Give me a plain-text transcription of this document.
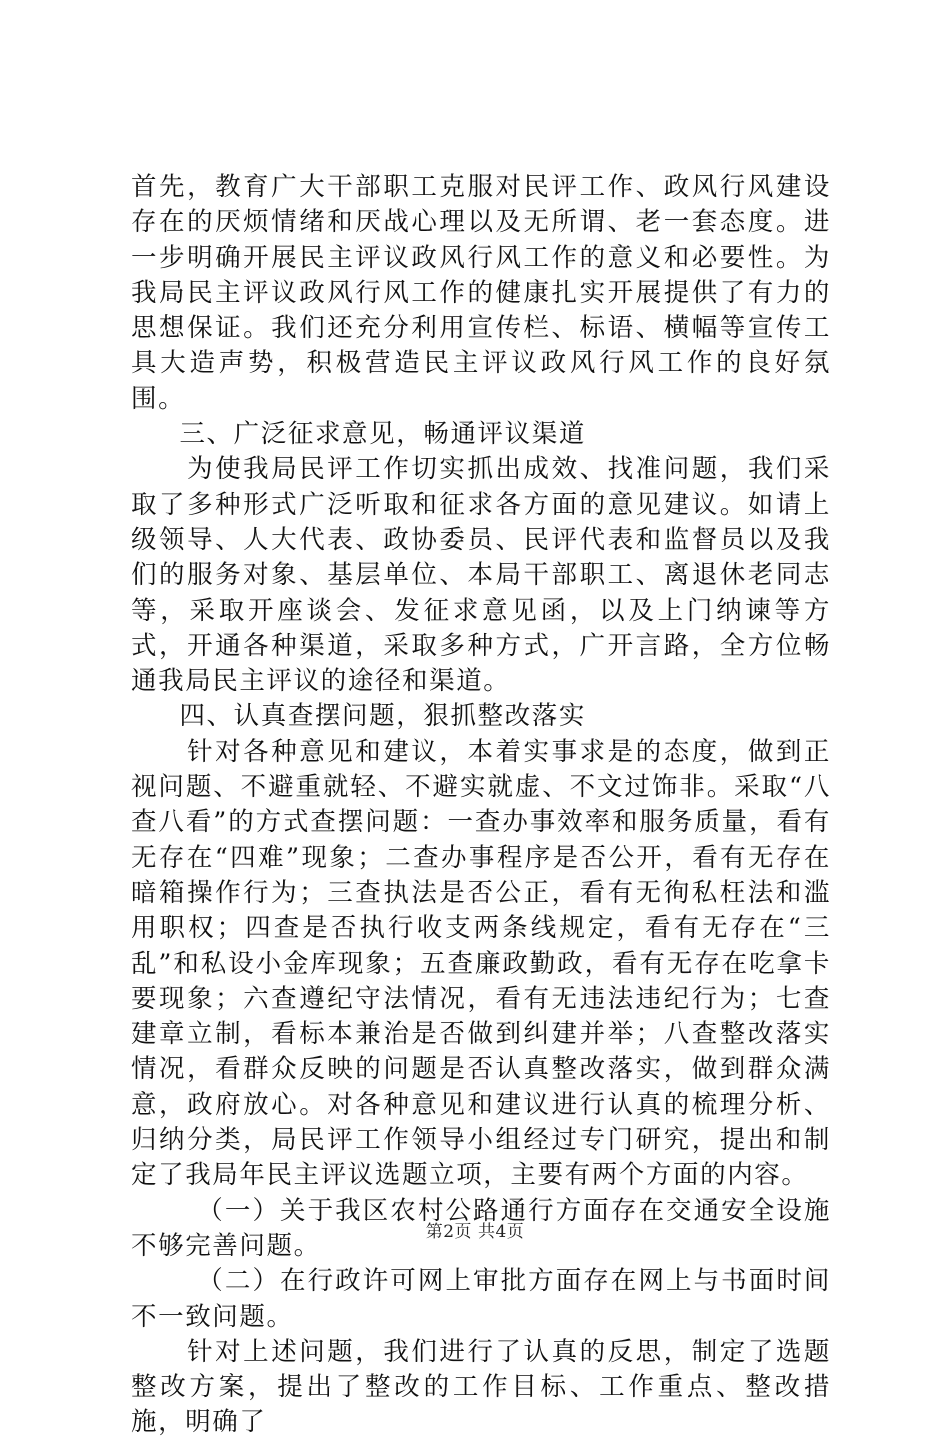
首先，教育广大干部职工克服对民评工作、政风行风建设存在的厌烦情绪和厌战心理以及无所谓、老一套态度。进一步明确开展民主评议政风行风工作的意义和必要性。为我局民主评议政风行风工作的健康扎实开展提供了有力的思想保证。我们还充分利用宣传栏、标语、横幅等宣传工具大造声势，积极营造民主评议政风行风工作的良好氛围。

三、广泛征求意见，畅通评议渠道

为使我局民评工作切实抓出成效、找准问题，我们采取了多种形式广泛听取和征求各方面的意见建议。如请上级领导、人大代表、政协委员、民评代表和监督员以及我们的服务对象、基层单位、本局干部职工、离退休老同志等，采取开座谈会、发征求意见函，以及上门纳谏等方式，开通各种渠道，采取多种方式，广开言路，全方位畅通我局民主评议的途径和渠道。

四、认真查摆问题，狠抓整改落实

针对各种意见和建议，本着实事求是的态度，做到正视问题、不避重就轻、不避实就虚、不文过饰非。采取“八查八看”的方式查摆问题：一查办事效率和服务质量，看有无存在“四难”现象；二查办事程序是否公开，看有无存在暗箱操作行为；三查执法是否公正，看有无徇私枉法和滥用职权；四查是否执行收支两条线规定，看有无存在“三乱”和私设小金库现象；五查廉政勤政，看有无存在吃拿卡要现象；六查遵纪守法情况，看有无违法违纪行为；七查建章立制，看标本兼治是否做到纠建并举；八查整改落实情况，看群众反映的问题是否认真整改落实，做到群众满意，政府放心。对各种意见和建议进行认真的梳理分析、归纳分类，局民评工作领导小组经过专门研究，提出和制定了我局年民主评议选题立项，主要有两个方面的内容。

（一）关于我区农村公路通行方面存在交通安全设施不够完善问题。

（二）在行政许可网上审批方面存在网上与书面时间不一致问题。

针对上述问题，我们进行了认真的反思，制定了选题整改方案，提出了整改的工作目标、工作重点、整改措施，明确了

第2页 共4页
